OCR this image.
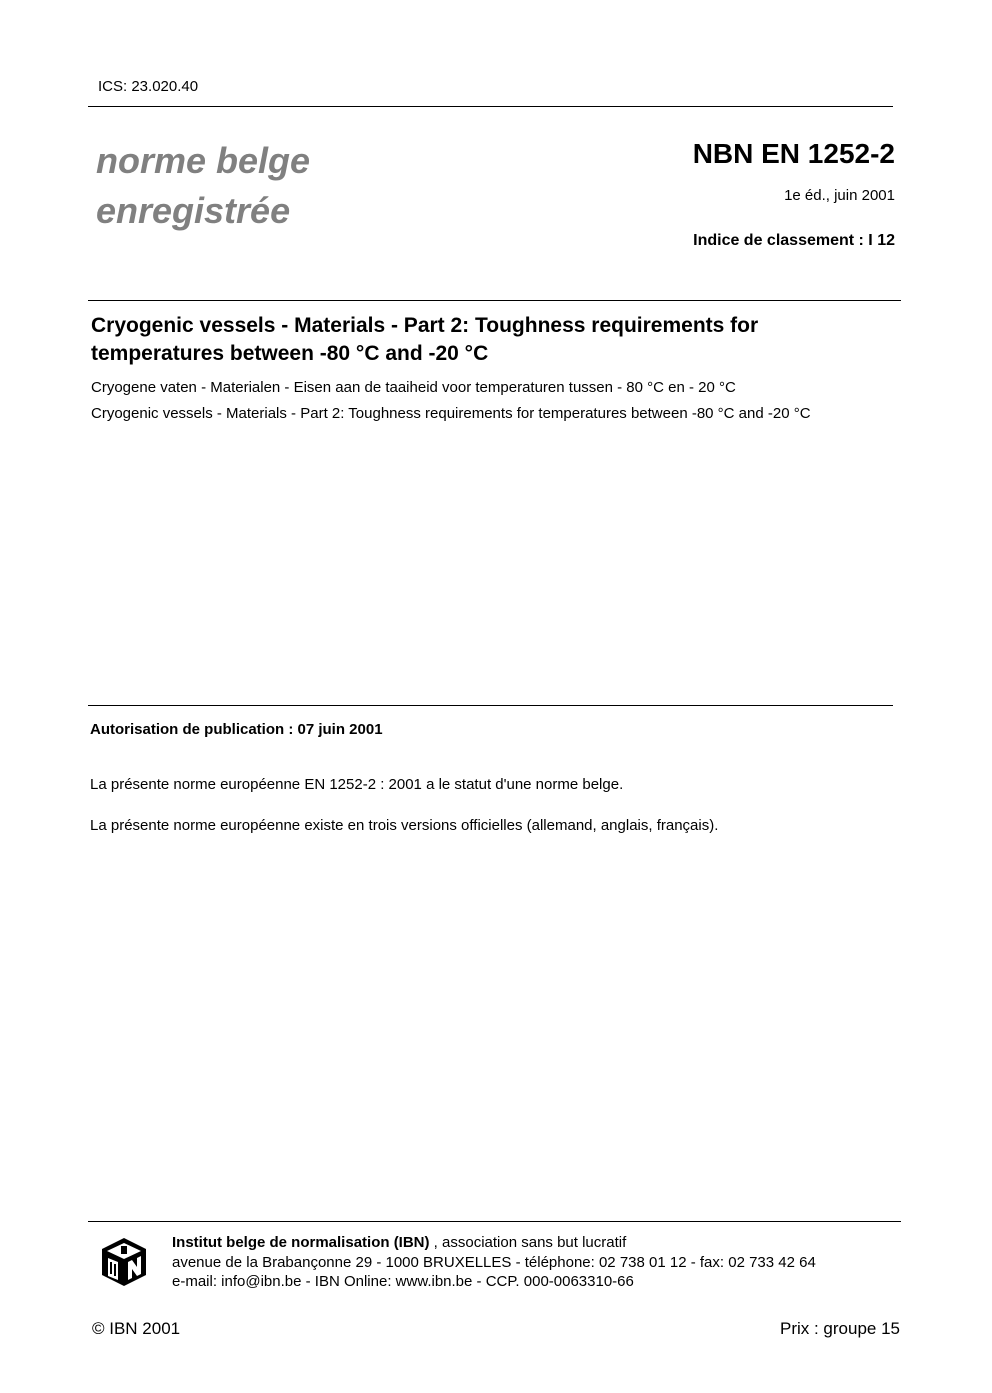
ICS: 23.020.40
norme belge
enregistrée
NBN EN 1252-2
1e éd., juin 2001
Indice de classement : I 12
Cryogenic vessels - Materials - Part 2: Toughness requirements for
temperatures between -80 °C and -20 °C
Cryogene vaten - Materialen - Eisen aan de taaiheid voor temperaturen tussen - 80 °C en - 20 °C
Cryogenic vessels - Materials - Part 2: Toughness requirements for temperatures between -80 °C and -20 °C
Autorisation de publication : 07 juin 2001
La présente norme européenne EN 1252-2 : 2001 a le statut d'une norme belge.
La présente norme européenne existe en trois versions officielles (allemand, anglais, français).
Institut belge de normalisation (IBN) , association sans but lucratif
avenue de la Brabançonne 29 - 1000 BRUXELLES - téléphone: 02 738 01 12 - fax: 02 733 42 64
e-mail: info@ibn.be - IBN Online: www.ibn.be - CCP. 000-0063310-66
© IBN 2001	Prix : groupe 15
